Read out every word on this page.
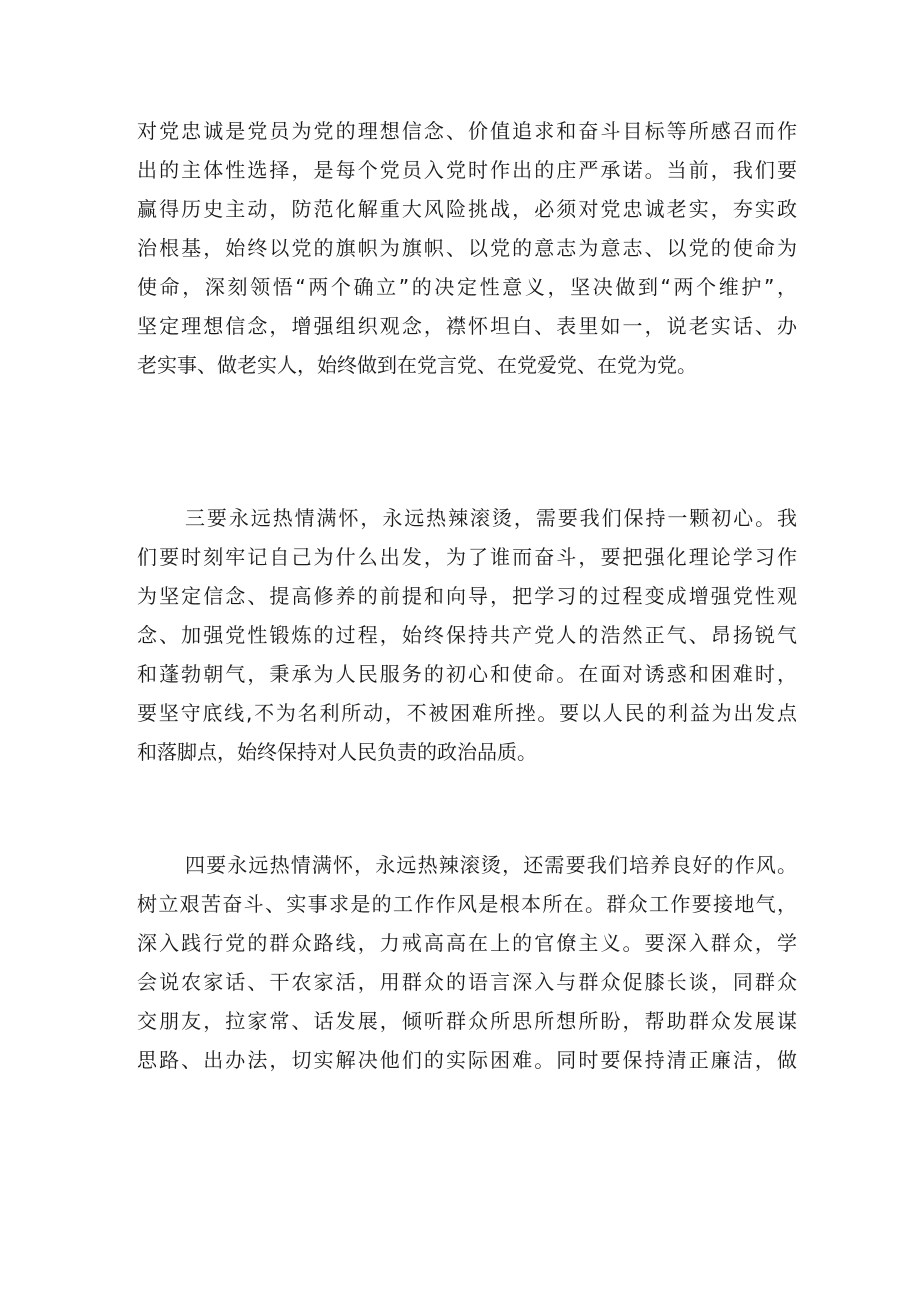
对党忠诚是党员为党的理想信念、价值追求和奋斗目标等所感召而作
出的主体性选择，是每个党员入党时作出的庄严承诺。当前，我们要
赢得历史主动，防范化解重大风险挑战，必须对党忠诚老实，夯实政
治根基，始终以党的旗帜为旗帜、以党的意志为意志、以党的使命为
使命，深刻领悟“两个确立”的决定性意义，坚决做到“两个维护”，
坚定理想信念，增强组织观念，襟怀坦白、表里如一，说老实话、办
老实事、做老实人，始终做到在党言党、在党爱党、在党为党。
三要永远热情满怀，永远热辣滚烫，需要我们保持一颗初心。我
们要时刻牢记自己为什么出发，为了谁而奋斗，要把强化理论学习作
为坚定信念、提高修养的前提和向导，把学习的过程变成增强党性观
念、加强党性锻炼的过程，始终保持共产党人的浩然正气、昂扬锐气
和蓬勃朝气，秉承为人民服务的初心和使命。在面对诱惑和困难时，
要坚守底线,不为名利所动，不被困难所挫。要以人民的利益为出发点
和落脚点，始终保持对人民负责的政治品质。
四要永远热情满怀，永远热辣滚烫，还需要我们培养良好的作风。
树立艰苦奋斗、实事求是的工作作风是根本所在。群众工作要接地气，
深入践行党的群众路线，力戒高高在上的官僚主义。要深入群众，学
会说农家话、干农家活，用群众的语言深入与群众促膝长谈，同群众
交朋友，拉家常、话发展，倾听群众所思所想所盼，帮助群众发展谋
思路、出办法，切实解决他们的实际困难。同时要保持清正廉洁，做
